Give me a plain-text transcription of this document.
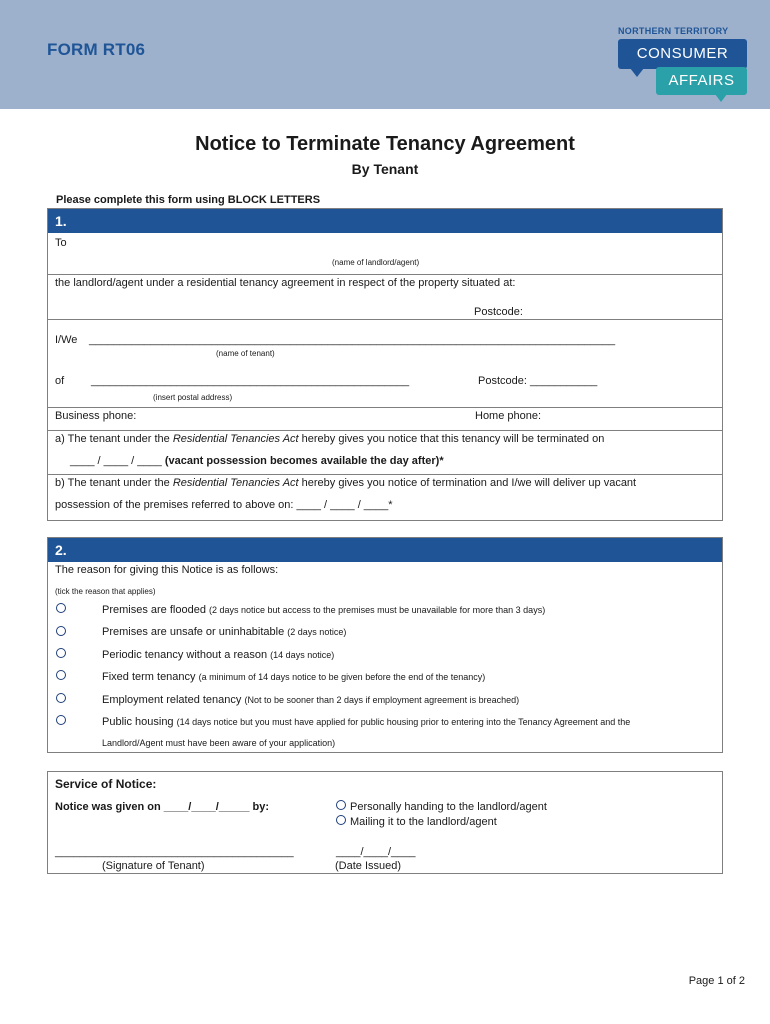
FORM RT06
NORTHERN TERRITORY
CONSUMER
AFFAIRS
Notice to Terminate Tenancy Agreement
By Tenant
Please complete this form using BLOCK LETTERS
1.
To
(name of landlord/agent)
the landlord/agent under a residential tenancy agreement in respect of the property situated at:
Postcode:
I/We ______________________________________________________________________________________
(name of tenant)
of ____________________________________________________	Postcode: ___________
(insert postal address)
Business phone:	Home phone:
a) The tenant under the Residential Tenancies Act hereby gives you notice that this tenancy will be terminated on
____ / ____ / ____ (vacant possession becomes available the day after)*
b) The tenant under the Residential Tenancies Act hereby gives you notice of termination and I/we will deliver up vacant
possession of the premises referred to above on: ____ / ____ / ____*
2.
The reason for giving this Notice is as follows:
(tick the reason that applies)
Premises are flooded (2 days notice but access to the premises must be unavailable for more than 3 days)
Premises are unsafe or uninhabitable (2 days notice)
Periodic tenancy without a reason (14 days notice)
Fixed term tenancy (a minimum of 14 days notice to be given before the end of the tenancy)
Employment related tenancy (Not to be sooner than 2 days if employment agreement is breached)
Public housing (14 days notice but you must have applied for public housing prior to entering into the Tenancy Agreement and the
Landlord/Agent must have been aware of your application)
Service of Notice:
Notice was given on ____/____/_____ by:	Personally handing to the landlord/agent
Mailing it to the landlord/agent
_______________________________________
(Signature of Tenant)
____/____/____
(Date Issued)
Page 1 of 2
